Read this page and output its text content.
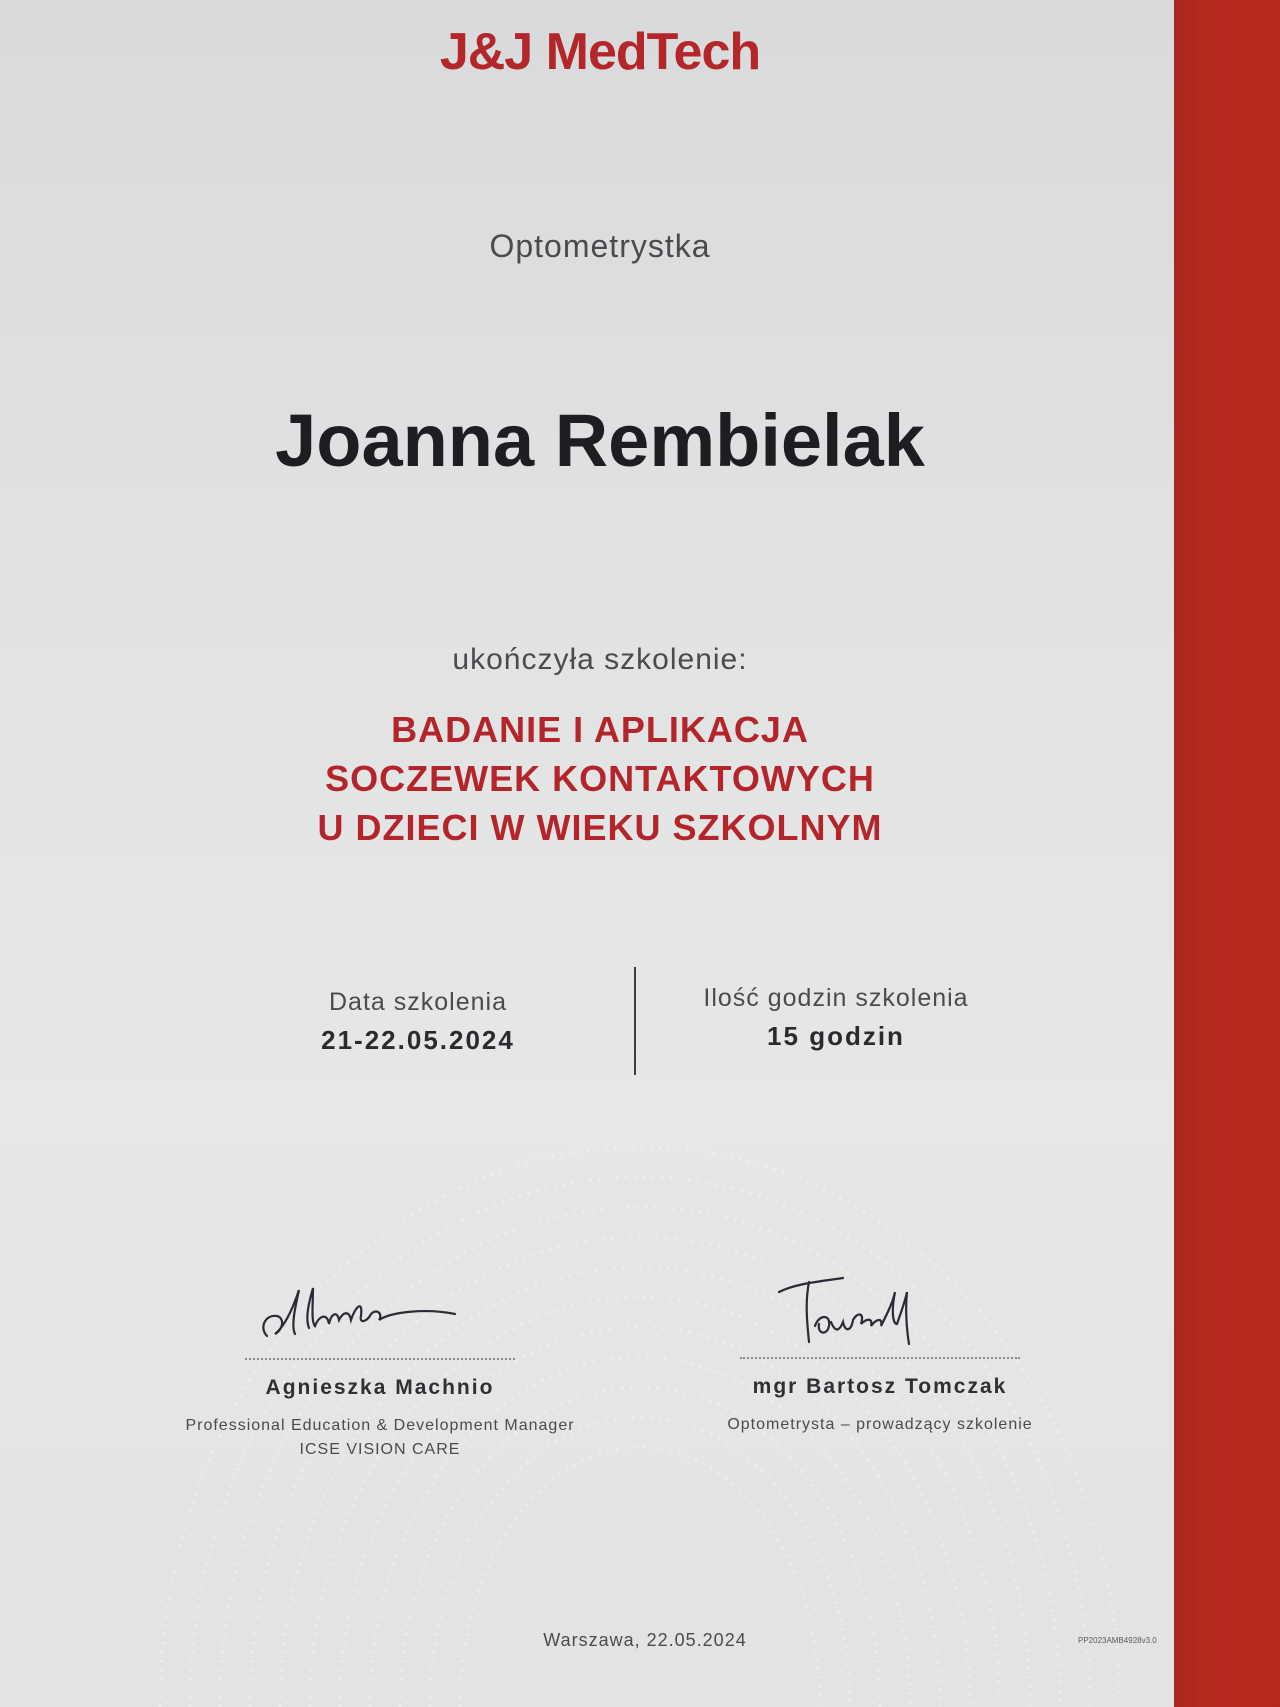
J&J MedTech
Optometrystka
Joanna Rembielak
ukończyła szkolenie:
BADANIE I APLIKACJA
SOCZEWEK KONTAKTOWYCH
U DZIECI W WIEKU SZKOLNYM
Data szkolenia
21-22.05.2024
Ilość godzin szkolenia
15 godzin
Agnieszka Machnio
Professional Education & Development Manager
ICSE VISION CARE
mgr Bartosz Tomczak
Optometrysta – prowadzący szkolenie
Warszawa, 22.05.2024	PP2023AMB4928v3.0
